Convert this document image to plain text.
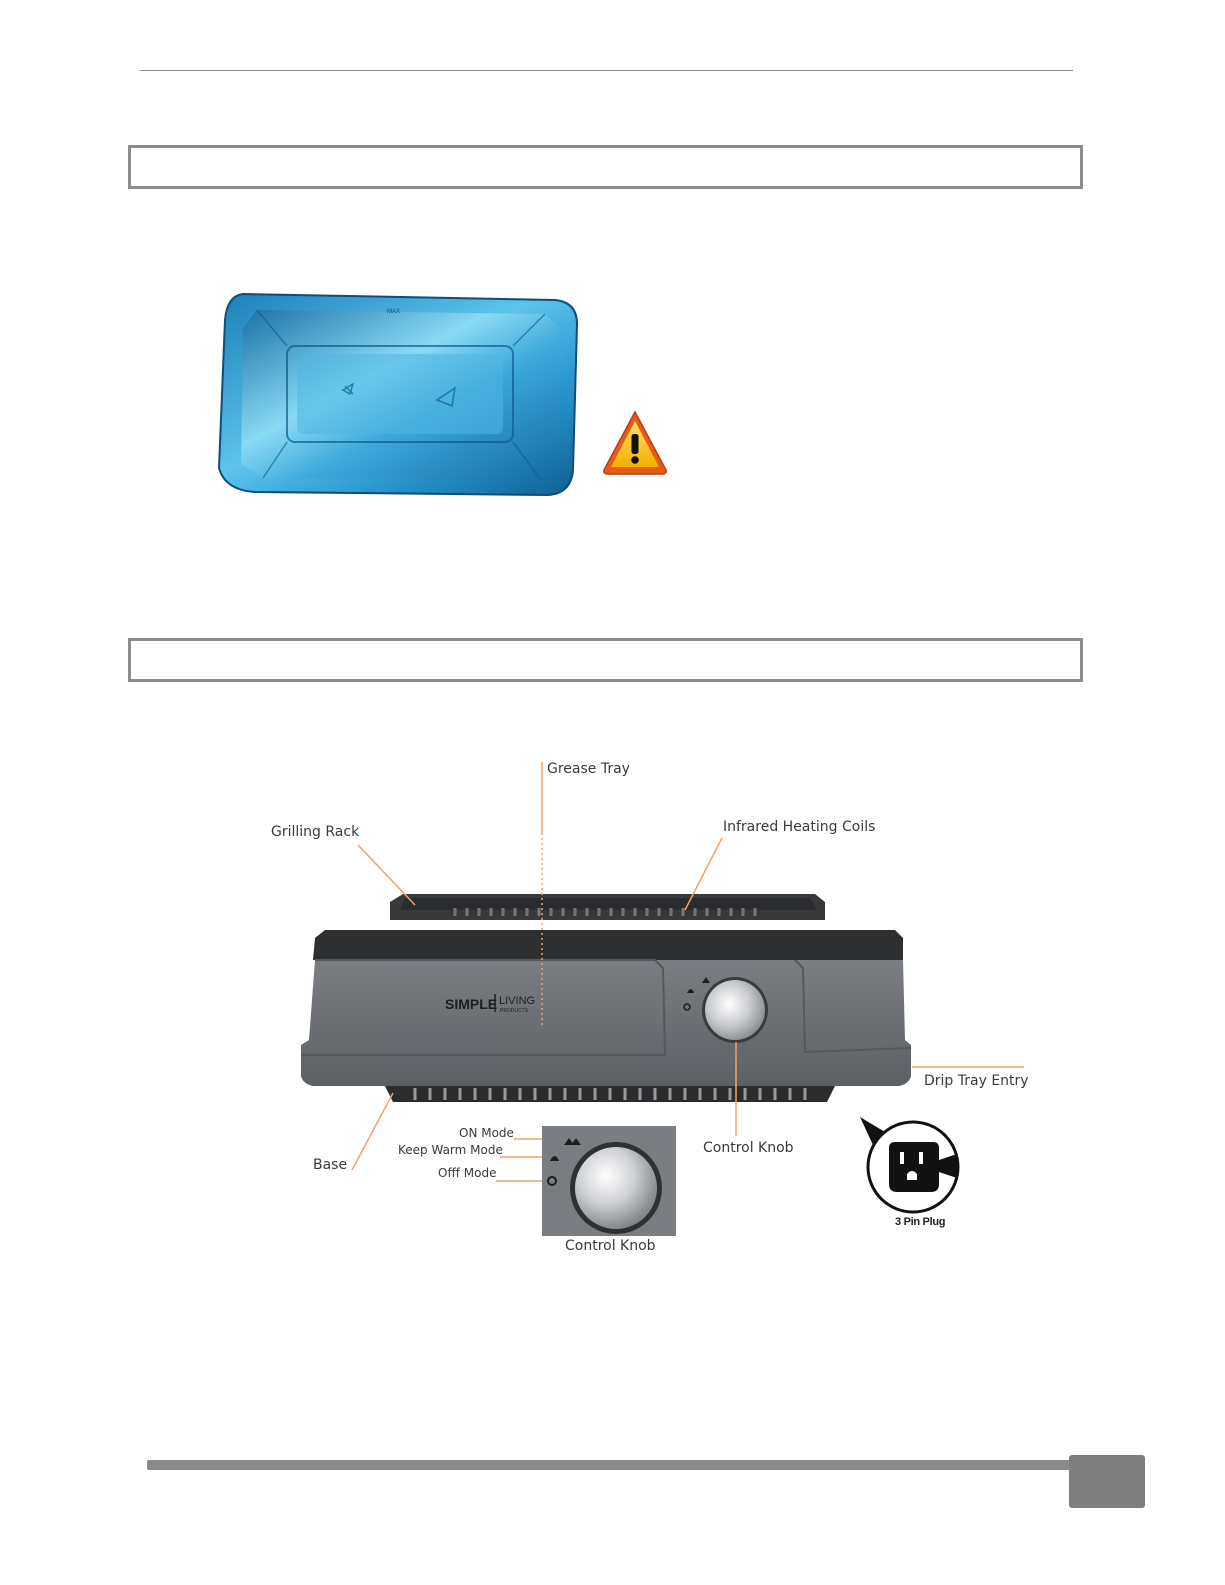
MAX
SIMPLE LIVING
PRODUCTS
Grease Tray
Grilling Rack	Infrared Heating Coils
Drip Tray Entry
Base
Control Knob
ON Mode
Keep Warm Mode
Offf Mode
Control Knob
3 Pin Plug
